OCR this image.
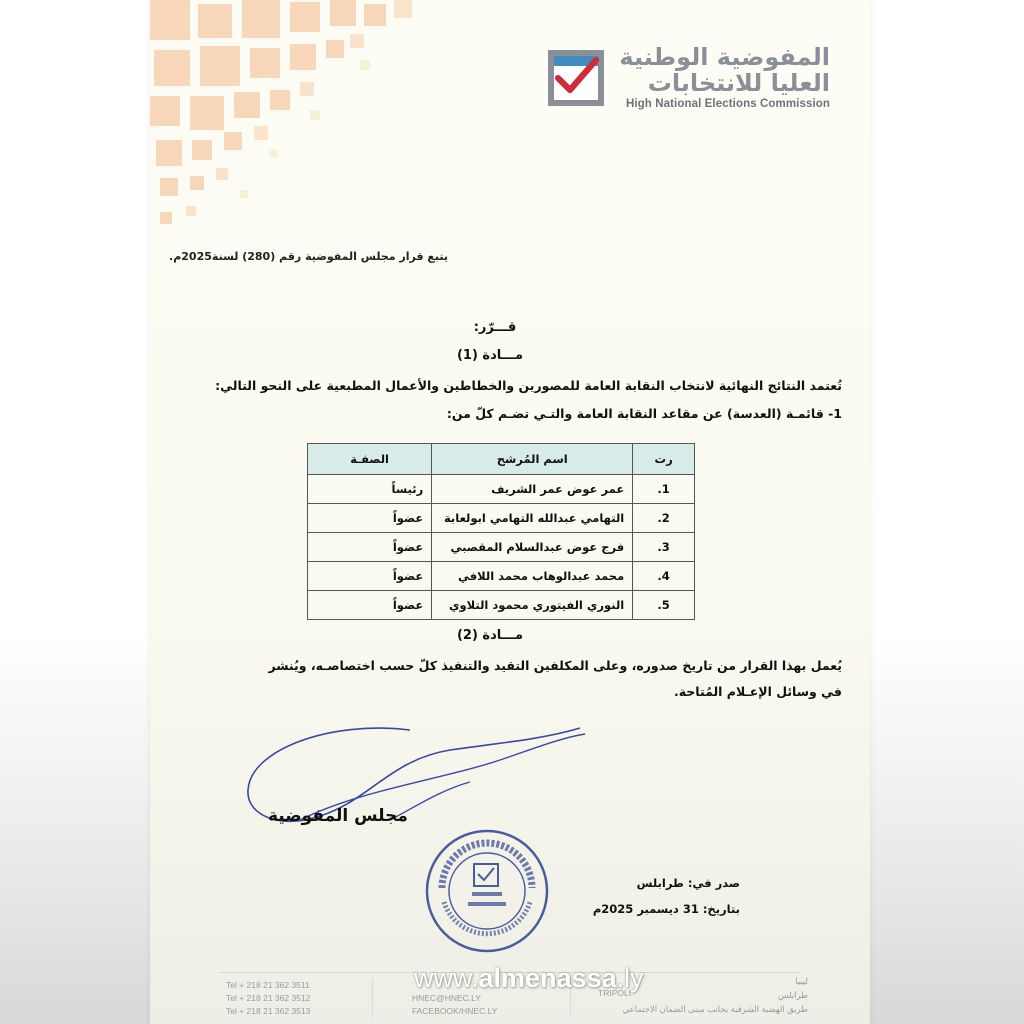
المفوضية الوطنية
العليا للانتخابات
High National Elections Commission
يتبع قرار مجلس المفوضية رقم (280) لسنة2025م.
قـــرّر:
مـــادة (1)
تُعتمد النتائج النهائية لانتخاب النقابة العامة للمصورين والخطاطين والأعمال المطبعية على النحو التالي:
1- قائمـة (العدسة) عن مقاعد النقابة العامة والتـي تضـم كلّ من:
رت	اسم المُرشح	الصفـة
1.	عمر عوض عمر الشريف	رئيساً
2.	التهامي عبدالله التهامي ابولعابة	عضواً
3.	فرج عوض عبدالسلام المقصبي	عضواً
4.	محمد عبدالوهاب محمد اللافي	عضواً
5.	النوري الفيتوري محمود التلاوي	عضواً
مـــادة (2)
يُعمل بهذا القرار من تاريخ صدوره، وعلى المكلفين التقيد والتنفيذ كلّ حسب اختصاصـه، ويُنشر
في وسائل الإعـلام المُتاحة.
مجلس المفوضية
صدر في: طرابلس
بتاريخ: 31 ديسمبر 2025م
Tel + 218 21 362 3511
Tel + 218 21 362 3512
Tel + 218 21 362 3513
HNEC@HNEC.LY
FACEBOOK/HNEC.LY
TRIPOLI
ليبيا
طرابلس
طريق الهضبة الشرقية بجانب مبنى الضمان الاجتماعي
www.almenassa.ly
